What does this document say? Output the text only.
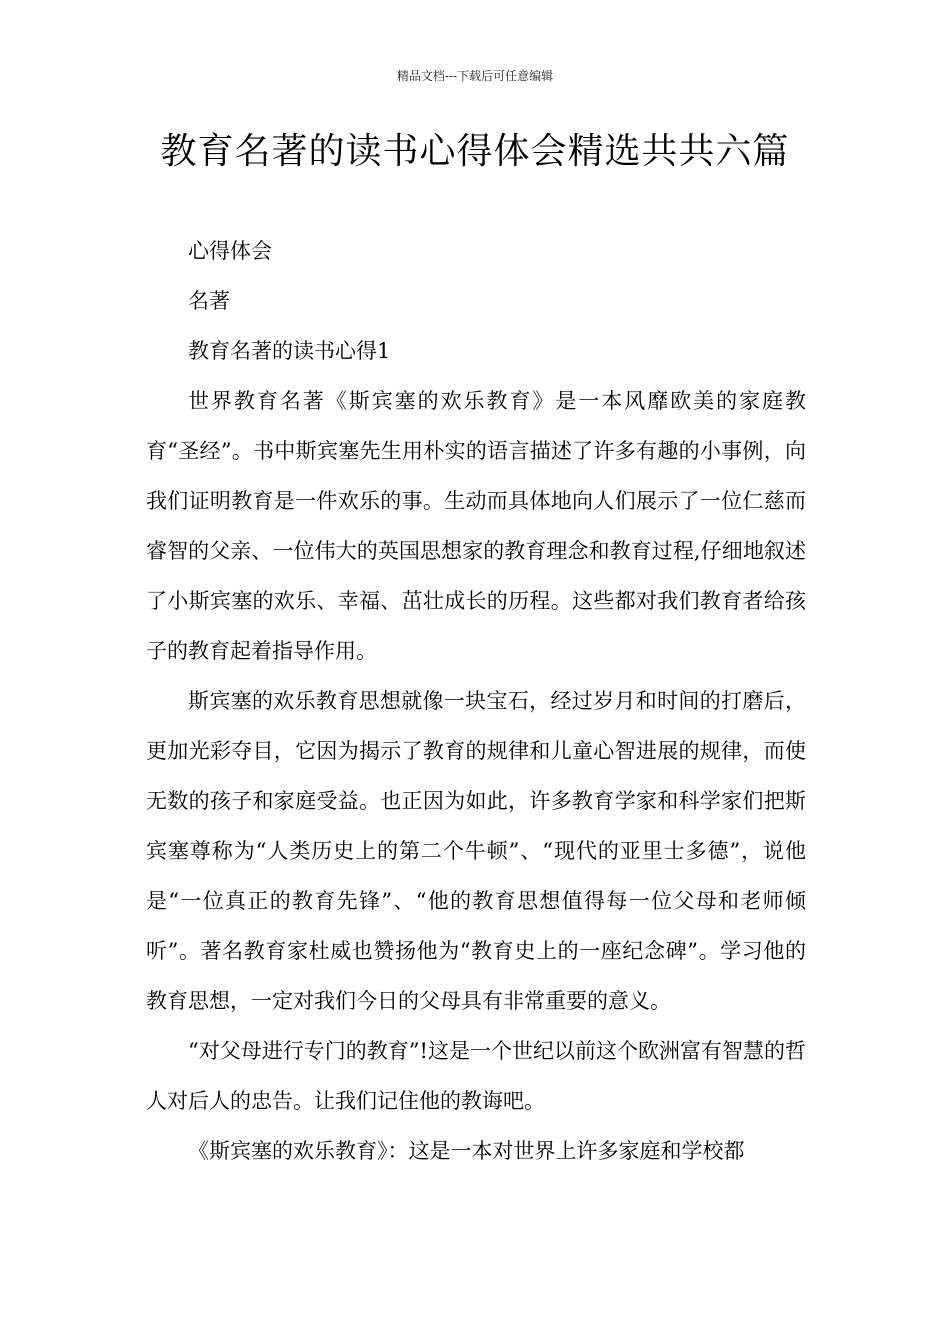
精品文档---下载后可任意编辑
教育名著的读书心得体会精选共共六篇

心得体会

名著

教育名著的读书心得1

世界教育名著《斯宾塞的欢乐教育》是一本风靡欧美的家庭教育“圣经”。书中斯宾塞先生用朴实的语言描述了许多有趣的小事例，向我们证明教育是一件欢乐的事。生动而具体地向人们展示了一位仁慈而睿智的父亲、一位伟大的英国思想家的教育理念和教育过程,仔细地叙述了小斯宾塞的欢乐、幸福、茁壮成长的历程。这些都对我们教育者给孩子的教育起着指导作用。

斯宾塞的欢乐教育思想就像一块宝石，经过岁月和时间的打磨后，更加光彩夺目，它因为揭示了教育的规律和儿童心智进展的规律，而使无数的孩子和家庭受益。也正因为如此，许多教育学家和科学家们把斯宾塞尊称为“人类历史上的第二个牛顿”、“现代的亚里士多德”，说他是“一位真正的教育先锋”、“他的教育思想值得每一位父母和老师倾听”。著名教育家杜威也赞扬他为“教育史上的一座纪念碑”。学习他的教育思想，一定对我们今日的父母具有非常重要的意义。

“对父母进行专门的教育”!这是一个世纪以前这个欧洲富有智慧的哲人对后人的忠告。让我们记住他的教诲吧。

《斯宾塞的欢乐教育》：这是一本对世界上许多家庭和学校都
